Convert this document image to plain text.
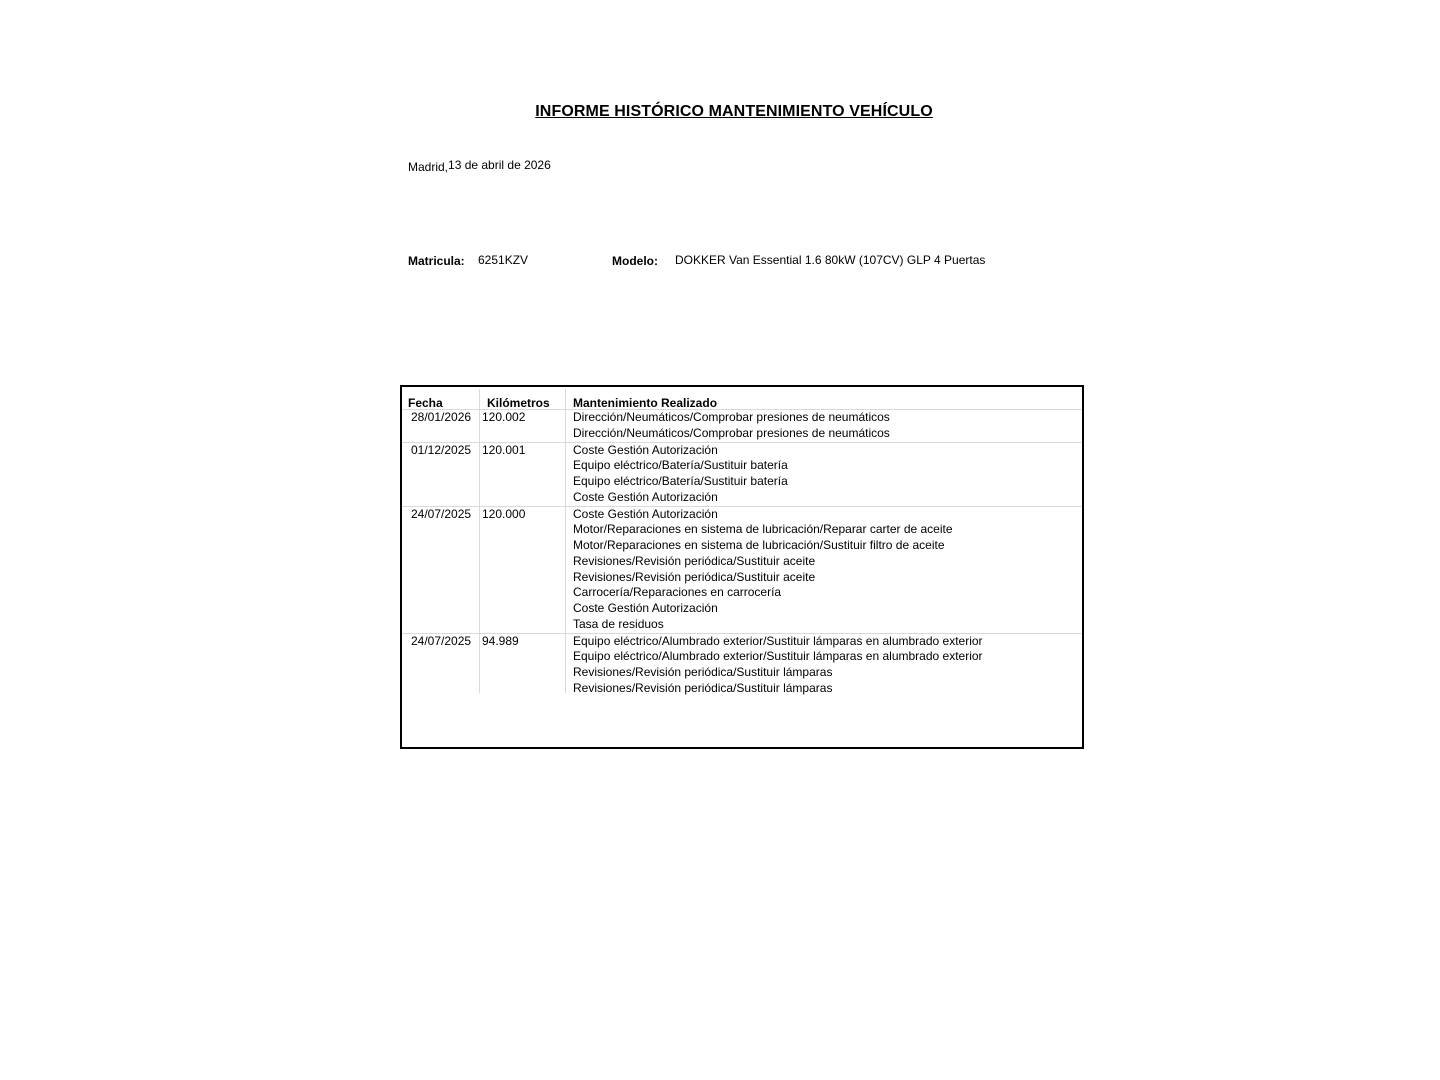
INFORME HISTÓRICO MANTENIMIENTO VEHÍCULO
Madrid,13 de abril de 2026
Matricula: 6251KZV	Modelo: DOKKER Van Essential 1.6 80kW (107CV) GLP 4 Puertas
Fecha	Kilómetros Mantenimiento Realizado
28/01/2026 120.002	Dirección/Neumáticos/Comprobar presiones de neumáticos
Dirección/Neumáticos/Comprobar presiones de neumáticos
01/12/2025 120.001	Coste Gestión Autorización
Equipo eléctrico/Batería/Sustituir batería
Equipo eléctrico/Batería/Sustituir batería
Coste Gestión Autorización
24/07/2025 120.000	Coste Gestión Autorización
Motor/Reparaciones en sistema de lubricación/Reparar carter de aceite
Motor/Reparaciones en sistema de lubricación/Sustituir filtro de aceite
Revisiones/Revisión periódica/Sustituir aceite
Revisiones/Revisión periódica/Sustituir aceite
Carrocería/Reparaciones en carrocería
Coste Gestión Autorización
Tasa de residuos
24/07/2025 94.989	Equipo eléctrico/Alumbrado exterior/Sustituir lámparas en alumbrado exterior
Equipo eléctrico/Alumbrado exterior/Sustituir lámparas en alumbrado exterior
Revisiones/Revisión periódica/Sustituir lámparas
Revisiones/Revisión periódica/Sustituir lámparas
